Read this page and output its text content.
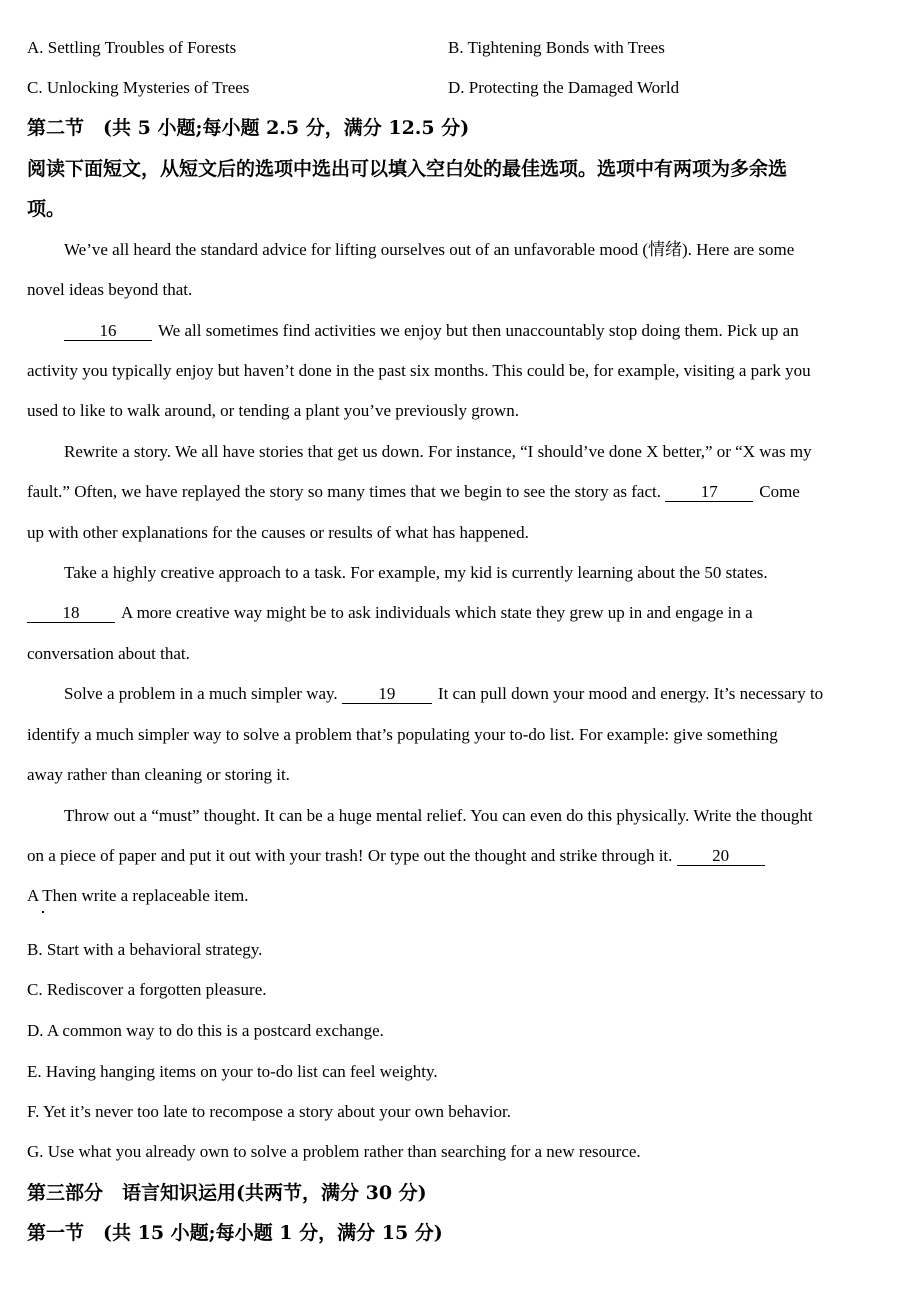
A. Settling Troubles of Forests	B. Tightening Bonds with Trees
C. Unlocking Mysteries of Trees	D. Protecting the Damaged World
第二节　(共 5 小题;每小题 2.5 分，满分 12.5 分)
阅读下面短文，从短文后的选项中选出可以填入空白处的最佳选项。选项中有两项为多余选
项。
We’ve all heard the standard advice for lifting ourselves out of an unfavorable mood (情绪). Here are some
novel ideas beyond that.
16 We all sometimes find activities we enjoy but then unaccountably stop doing them. Pick up an
activity you typically enjoy but haven’t done in the past six months. This could be, for example, visiting a park you
used to like to walk around, or tending a plant you’ve previously grown.
Rewrite a story. We all have stories that get us down. For instance, “I should’ve done X better,” or “X was my
fault.” Often, we have replayed the story so many times that we begin to see the story as fact. 17 Come
up with other explanations for the causes or results of what has happened.
Take a highly creative approach to a task. For example, my kid is currently learning about the 50 states.
18 A more creative way might be to ask individuals which state they grew up in and engage in a
conversation about that.
Solve a problem in a much simpler way. 19	It can pull down your mood and energy. It’s necessary to
identify a much simpler way to solve a problem that’s populating your to-do list. For example: give something
away rather than cleaning or storing it.
Throw out a “must” thought. It can be a huge mental relief. You can even do this physically. Write the thought
on a piece of paper and put it out with your trash! Or type out the thought and strike through it. 20
A Then write a replaceable item.
B. Start with a behavioral strategy.
C. Rediscover a forgotten pleasure.
D. A common way to do this is a postcard exchange.
E. Having hanging items on your to-do list can feel weighty.
F. Yet it’s never too late to recompose a story about your own behavior.
G. Use what you already own to solve a problem rather than searching for a new resource.
第三部分　语言知识运用(共两节，满分 30 分)
第一节　(共 15 小题;每小题 1 分，满分 15 分)
